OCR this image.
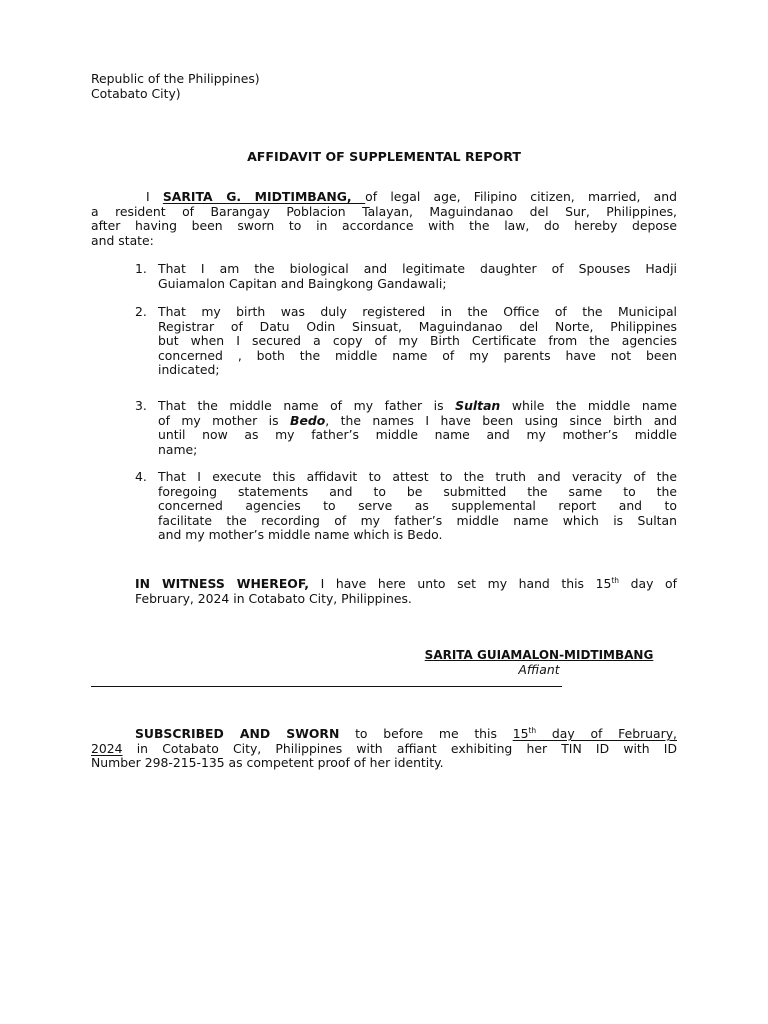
Republic of the Philippines)
Cotabato City)
AFFIDAVIT OF SUPPLEMENTAL REPORT
I SARITA G. MIDTIMBANG, of legal age, Filipino citizen, married, and
a resident of Barangay Poblacion Talayan, Maguindanao del Sur, Philippines,
after having been sworn to in accordance with the law, do hereby depose
and state:
1. That I am the biological and legitimate daughter of Spouses Hadji
Guiamalon Capitan and Baingkong Gandawali;
2. That my birth was duly registered in the Office of the Municipal
Registrar of Datu Odin Sinsuat, Maguindanao del Norte, Philippines
but when I secured a copy of my Birth Certificate from the agencies
concerned , both the middle name of my parents have not been
indicated;
3. That the middle name of my father is Sultan while the middle name
of my mother is Bedo, the names I have been using since birth and
until now as my father’s middle name and my mother’s middle
name;
4. That I execute this affidavit to attest to the truth and veracity of the
foregoing statements and to be submitted the same to the
concerned agencies to serve as supplemental report and to
facilitate the recording of my father’s middle name which is Sultan
and my mother’s middle name which is Bedo.
IN WITNESS WHEREOF, I have here unto set my hand this 15th day of
February, 2024 in Cotabato City, Philippines.
SARITA GUIAMALON-MIDTIMBANG
Affiant
SUBSCRIBED AND SWORN to before me this 15th day of February,
2024 in Cotabato City, Philippines with affiant exhibiting her TIN ID with ID
Number 298-215-135 as competent proof of her identity.
